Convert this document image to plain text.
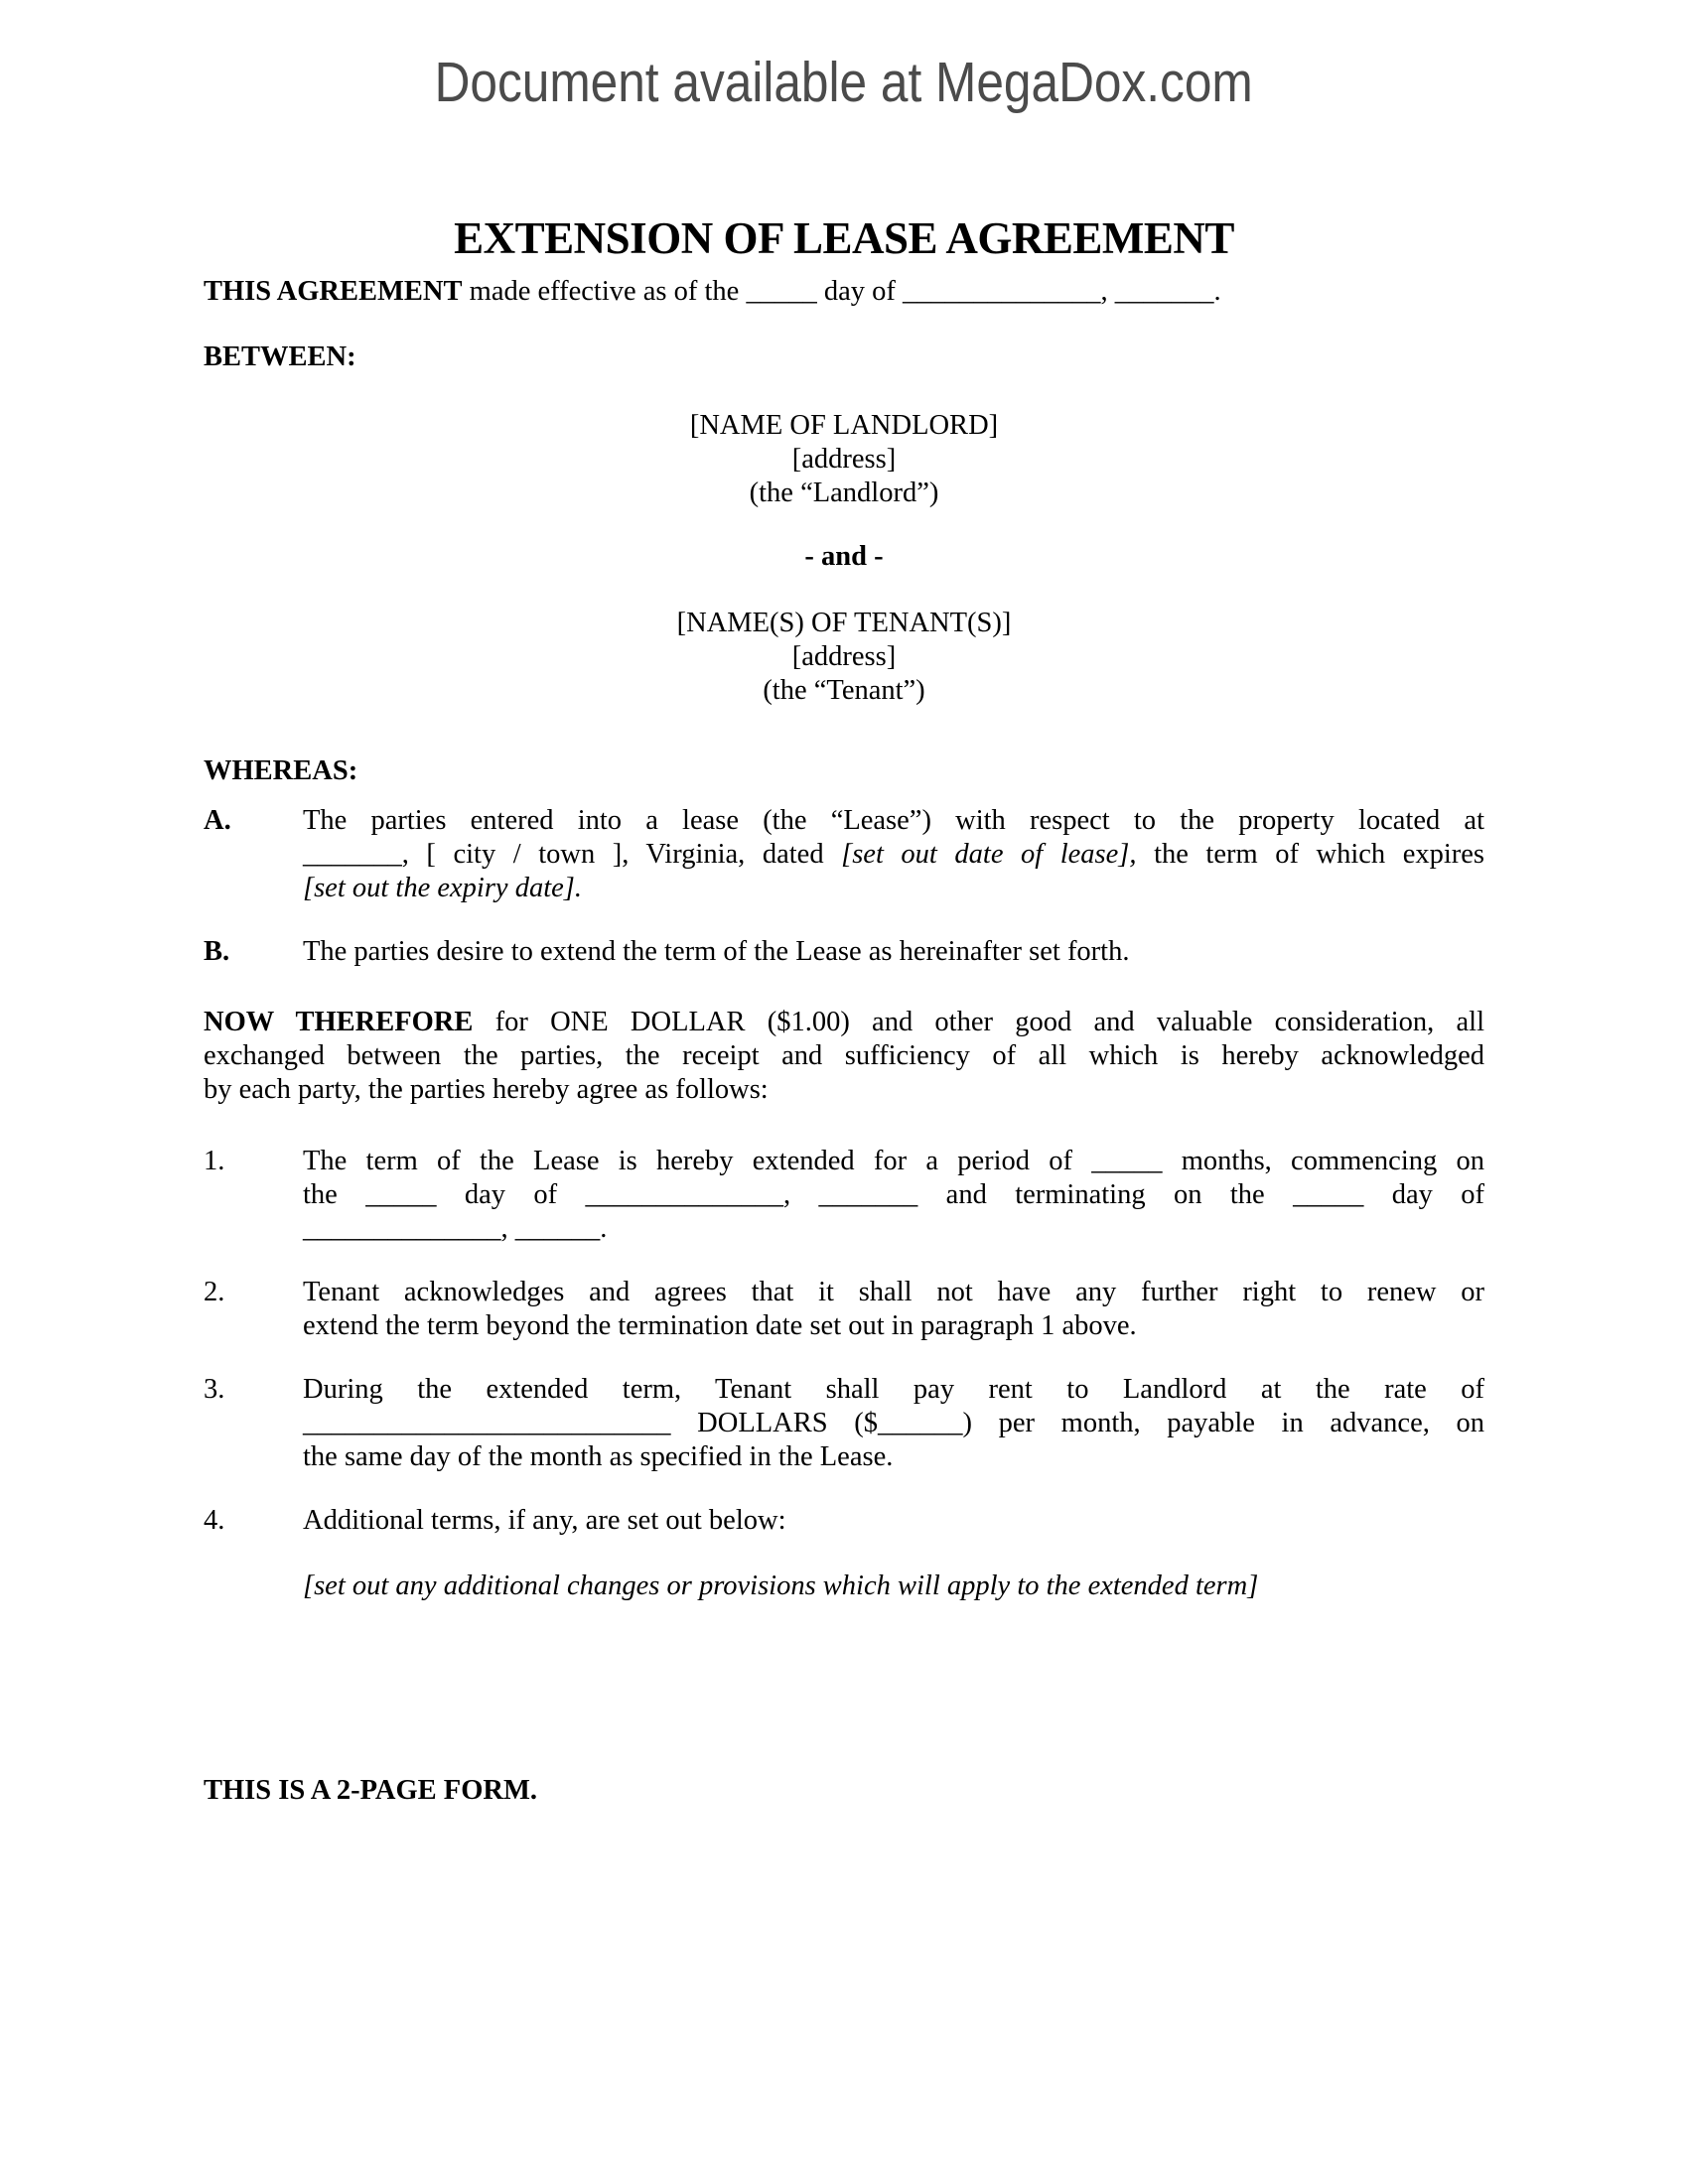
Document available at MegaDox.com
EXTENSION OF LEASE AGREEMENT
THIS AGREEMENT made effective as of the _____ day of ______________, _______.

BETWEEN:

[NAME OF LANDLORD]
[address]
(the “Landlord”)
- and -
[NAME(S) OF TENANT(S)]
[address]
(the “Tenant”)

WHEREAS:

A.	The parties entered into a lease (the “Lease”) with respect to the property located at
_______, [ city / town ], Virginia, dated [set out date of lease], the term of which expires
[set out the expiry date].
B.	The parties desire to extend the term of the Lease as hereinafter set forth.
NOW THEREFORE for ONE DOLLAR ($1.00) and other good and valuable consideration, all
exchanged between the parties, the receipt and sufficiency of all which is hereby acknowledged
by each party, the parties hereby agree as follows:
1.	The term of the Lease is hereby extended for a period of _____ months, commencing on
the _____ day of ______________, _______ and terminating on the _____ day of
______________, ______.
2.	Tenant acknowledges and agrees that it shall not have any further right to renew or
extend the term beyond the termination date set out in paragraph 1 above.
3.	During the extended term, Tenant shall pay rent to Landlord at the rate of
__________________________ DOLLARS ($______) per month, payable in advance, on
the same day of the month as specified in the Lease.
4.	Additional terms, if any, are set out below:
[set out any additional changes or provisions which will apply to the extended term]

THIS IS A 2-PAGE FORM.
